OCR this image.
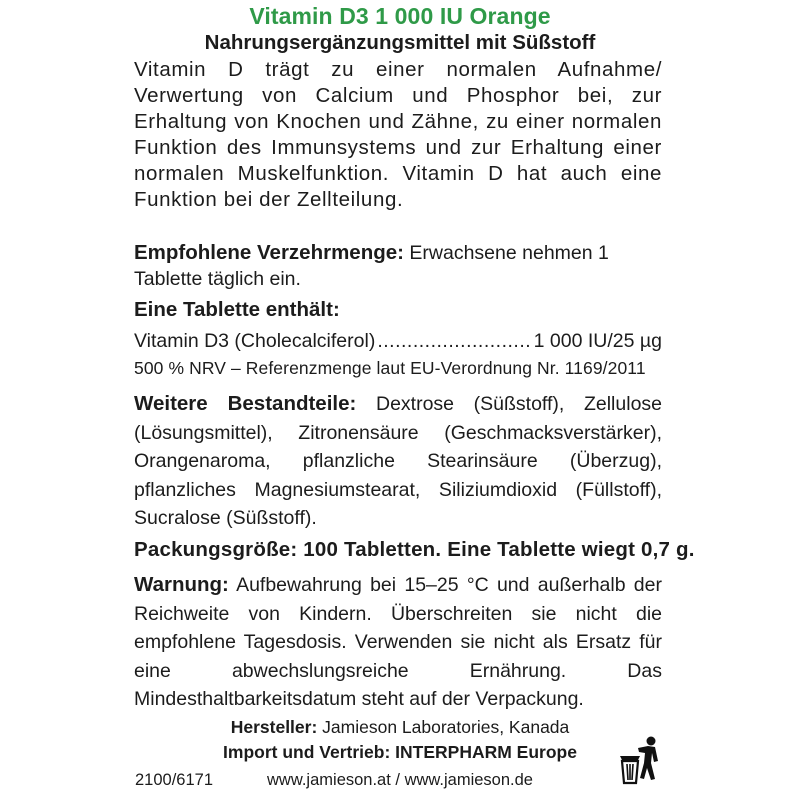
Vitamin D3 1 000 IU Orange
Nahrungsergänzungsmittel mit Süßstoff
Vitamin D trägt zu einer normalen Aufnahme/ Verwertung von Calcium und Phosphor bei, zur Erhaltung von Knochen und Zähne, zu einer normalen Funktion des Immunsystems und zur Erhaltung einer normalen Muskelfunktion. Vitamin D hat auch eine Funktion bei der Zellteilung.
Empfohlene Verzehrmenge: Erwachsene nehmen 1 Tablette täglich ein.
Eine Tablette enthält:
Vitamin D3 (Cholecalciferol)
.....	1 000 IU/25 µg
500 % NRV – Referenzmenge laut EU-Verordnung Nr. 1169/2011
Weitere Bestandteile: Dextrose (Süßstoff), Zellulose (Lösungsmittel), Zitronensäure (Geschmacksverstärker), Orangenaroma, pflanzliche Stearinsäure (Überzug), pflanzliches Magnesiumstearat, Siliziumdioxid (Füllstoff), Sucralose (Süßstoff).
Packungsgröße: 100 Tabletten. Eine Tablette wiegt 0,7 g.
Warnung: Aufbewahrung bei 15–25 °C und außerhalb der Reichweite von Kindern. Überschreiten sie nicht die empfohlene Tagesdosis. Verwenden sie nicht als Ersatz für eine abwechslungsreiche Ernährung. Das Mindesthaltbarkeitsdatum steht auf der Verpackung.
Hersteller: Jamieson Laboratories, Kanada
Import und Vertrieb: INTERPHARM Europe
2100/6171	www.jamieson.at / www.jamieson.de
